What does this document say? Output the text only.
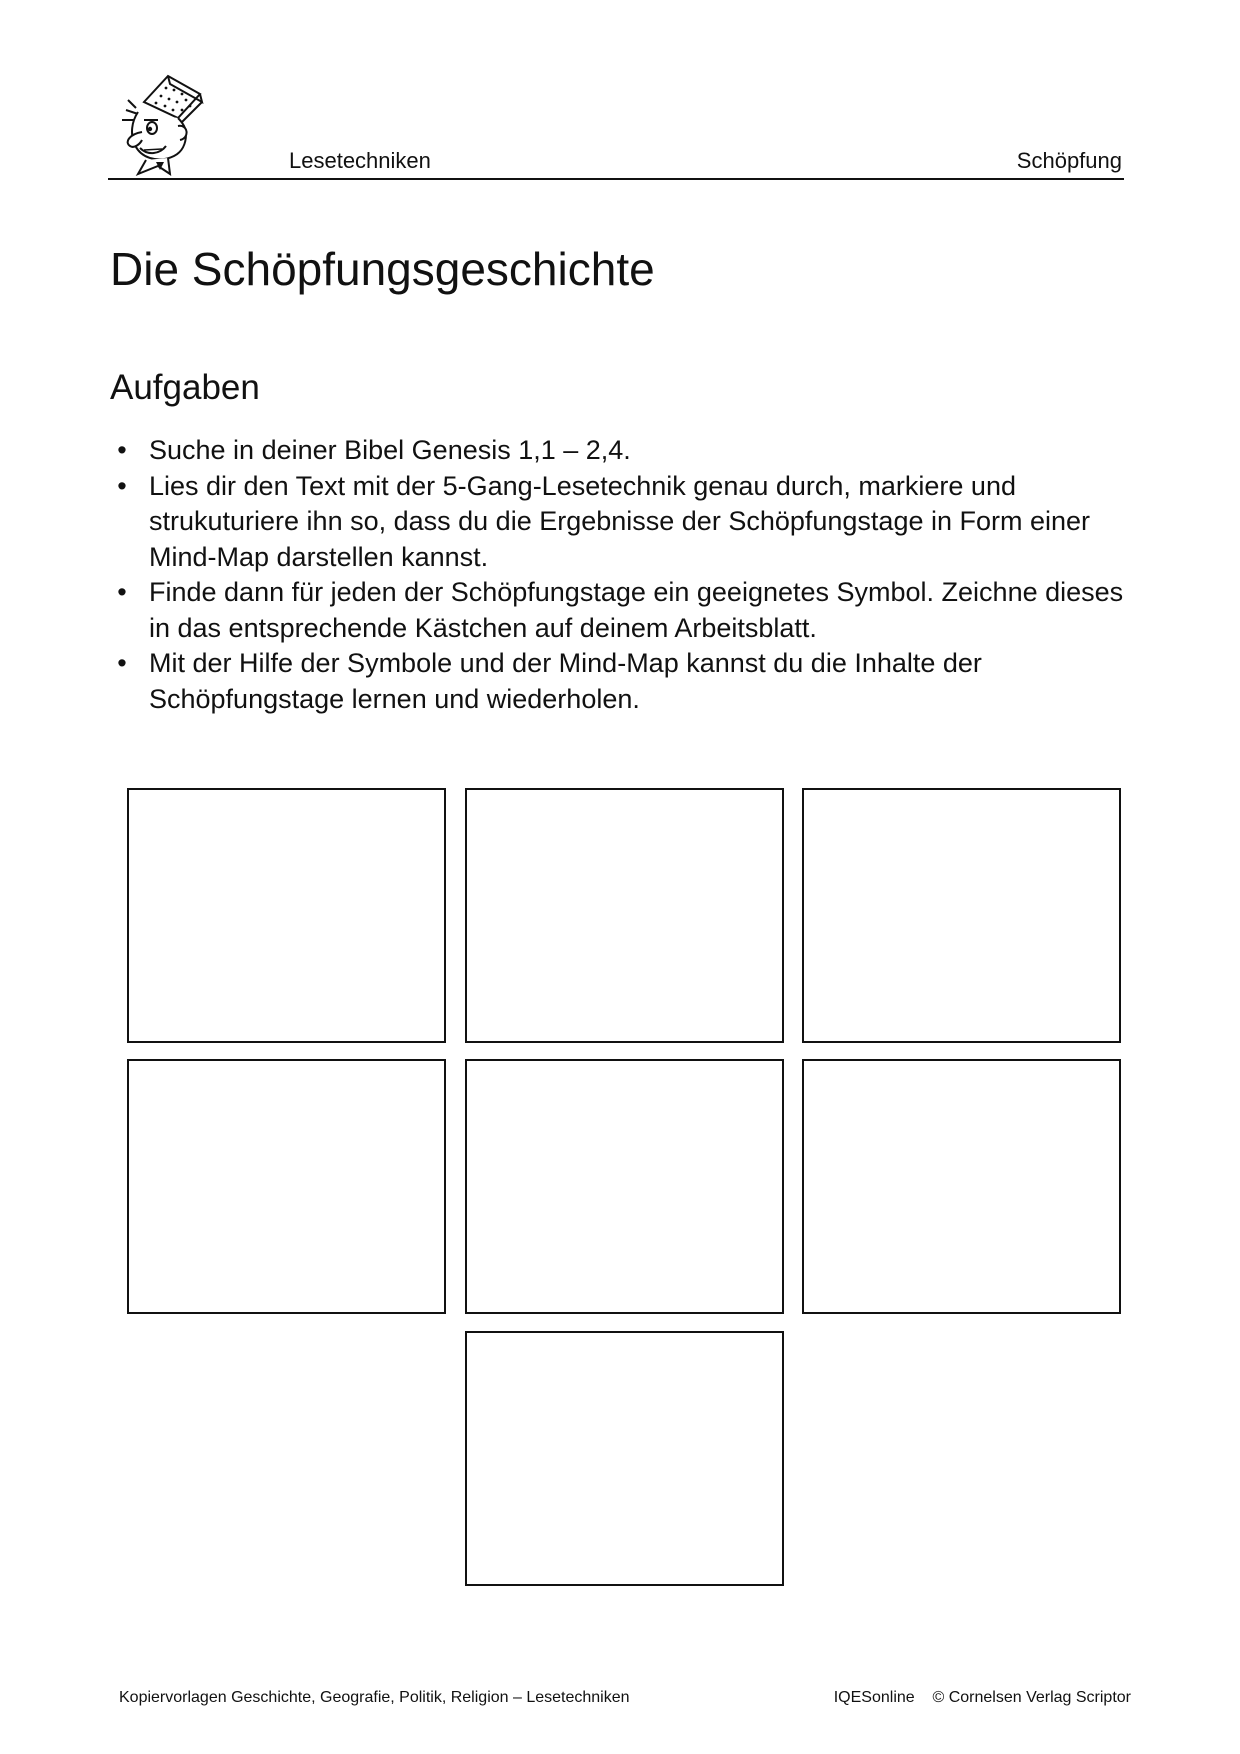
Lesetechniken	Schöpfung
Die Schöpfungsgeschichte
Aufgaben
• Suche in deiner Bibel Genesis 1,1 – 2,4.
• Lies dir den Text mit der 5-Gang-Lesetechnik genau durch, markiere und strukuturiere ihn so, dass du die Ergebnisse der Schöpfungstage in Form einer Mind-Map darstellen kannst.
• Finde dann für jeden der Schöpfungstage ein geeignetes Symbol. Zeichne dieses in das entsprechende Kästchen auf deinem Arbeitsblatt.
• Mit der Hilfe der Symbole und der Mind-Map kannst du die Inhalte der Schöpfungstage lernen und wiederholen.
Kopiervorlagen Geschichte, Geografie, Politik, Religion – Lesetechniken	IQESonline © Cornelsen Verlag Scriptor
